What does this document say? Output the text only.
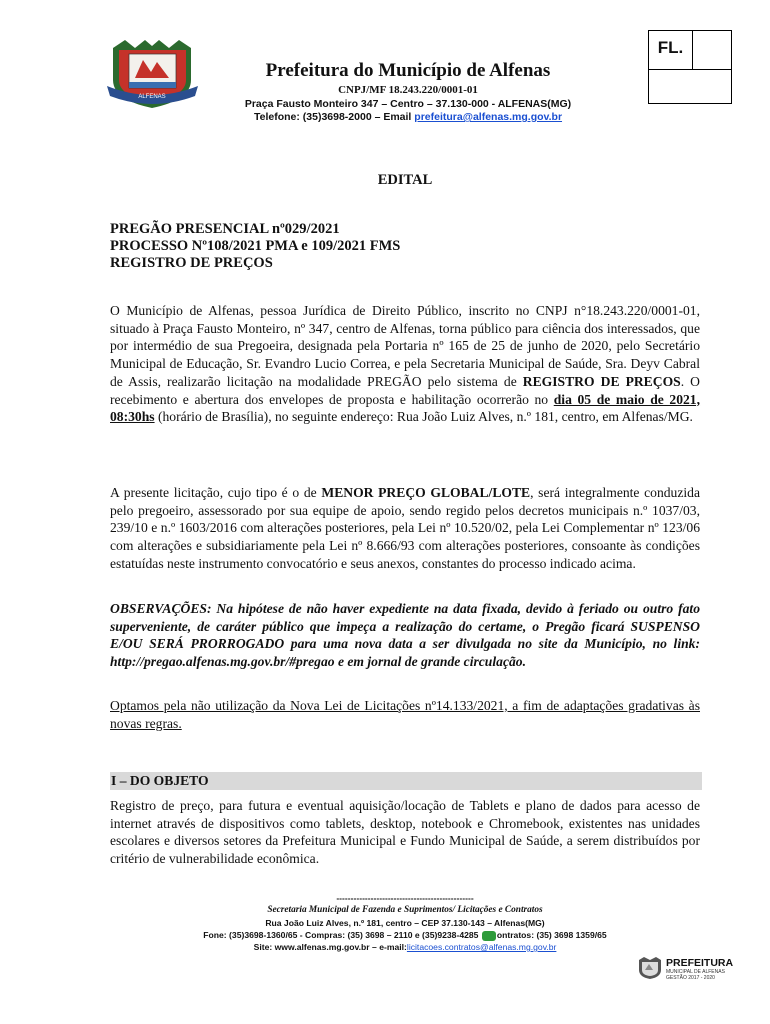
ALFENAS
FL.
Prefeitura do Município de Alfenas
CNPJ/MF 18.243.220/0001-01
Praça Fausto Monteiro 347 – Centro – 37.130-000 - ALFENAS(MG)
Telefone: (35)3698-2000 – Email prefeitura@alfenas.mg.gov.br
EDITAL
PREGÃO PRESENCIAL nº029/2021
PROCESSO Nº108/2021 PMA e 109/2021 FMS
REGISTRO DE PREÇOS
O Município de Alfenas, pessoa Jurídica de Direito Público, inscrito no CNPJ n°18.243.220/0001-01, situado à Praça Fausto Monteiro, nº 347, centro de Alfenas, torna público para ciência dos interessados, que por intermédio de sua Pregoeira, designada pela Portaria nº 165 de 25 de junho de 2020, pelo Secretário Municipal de Educação, Sr. Evandro Lucio Correa, e pela Secretaria Municipal de Saúde, Sra. Deyv Cabral de Assis, realizarão licitação na modalidade PREGÃO pelo sistema de REGISTRO DE PREÇOS. O recebimento e abertura dos envelopes de proposta e habilitação ocorrerão no dia 05 de maio de 2021, 08:30hs (horário de Brasília), no seguinte endereço: Rua João Luiz Alves, n.º 181, centro, em Alfenas/MG.
A presente licitação, cujo tipo é o de MENOR PREÇO GLOBAL/LOTE, será integralmente conduzida pelo pregoeiro, assessorado por sua equipe de apoio, sendo regido pelos decretos municipais n.º 1037/03, 239/10 e n.º 1603/2016 com alterações posteriores, pela Lei nº 10.520/02, pela Lei Complementar nº 123/06 com alterações e subsidiariamente pela Lei nº 8.666/93 com alterações posteriores, consoante às condições estatuídas neste instrumento convocatório e seus anexos, constantes do processo indicado acima.
OBSERVAÇÕES: Na hipótese de não haver expediente na data fixada, devido à feriado ou outro fato superveniente, de caráter público que impeça a realização do certame, o Pregão ficará SUSPENSO E/OU SERÁ PRORROGADO para uma nova data a ser divulgada no site da Município, no link: http://pregao.alfenas.mg.gov.br/#pregao e em jornal de grande circulação.
Optamos pela não utilização da Nova Lei de Licitações nº14.133/2021, a fim de adaptações gradativas às novas regras.
I – DO OBJETO
Registro de preço, para futura e eventual aquisição/locação de Tablets e plano de dados para acesso de internet através de dispositivos como tablets, desktop, notebook e Chromebook, existentes nas unidades escolares e diversos setores da Prefeitura Municipal e Fundo Municipal de Saúde, a serem distribuídos por critério de vulnerabilidade econômica.
------------------------------------------------
Secretaria Municipal de Fazenda e Suprimentos/ Licitações e Contratos
Rua João Luiz Alves, n.º 181, centro – CEP 37.130-143 – Alfenas(MG)
Fone: (35)3698-1360/65 - Compras: (35) 3698 – 2110 e (35)9238-4285 ontratos: (35) 3698 1359/65
Site: www.alfenas.mg.gov.br – e-mail:licitacoes.contratos@alfenas.mg.gov.br
PREFEITURA
MUNICIPAL DE ALFENAS
GESTÃO 2017 - 2020
